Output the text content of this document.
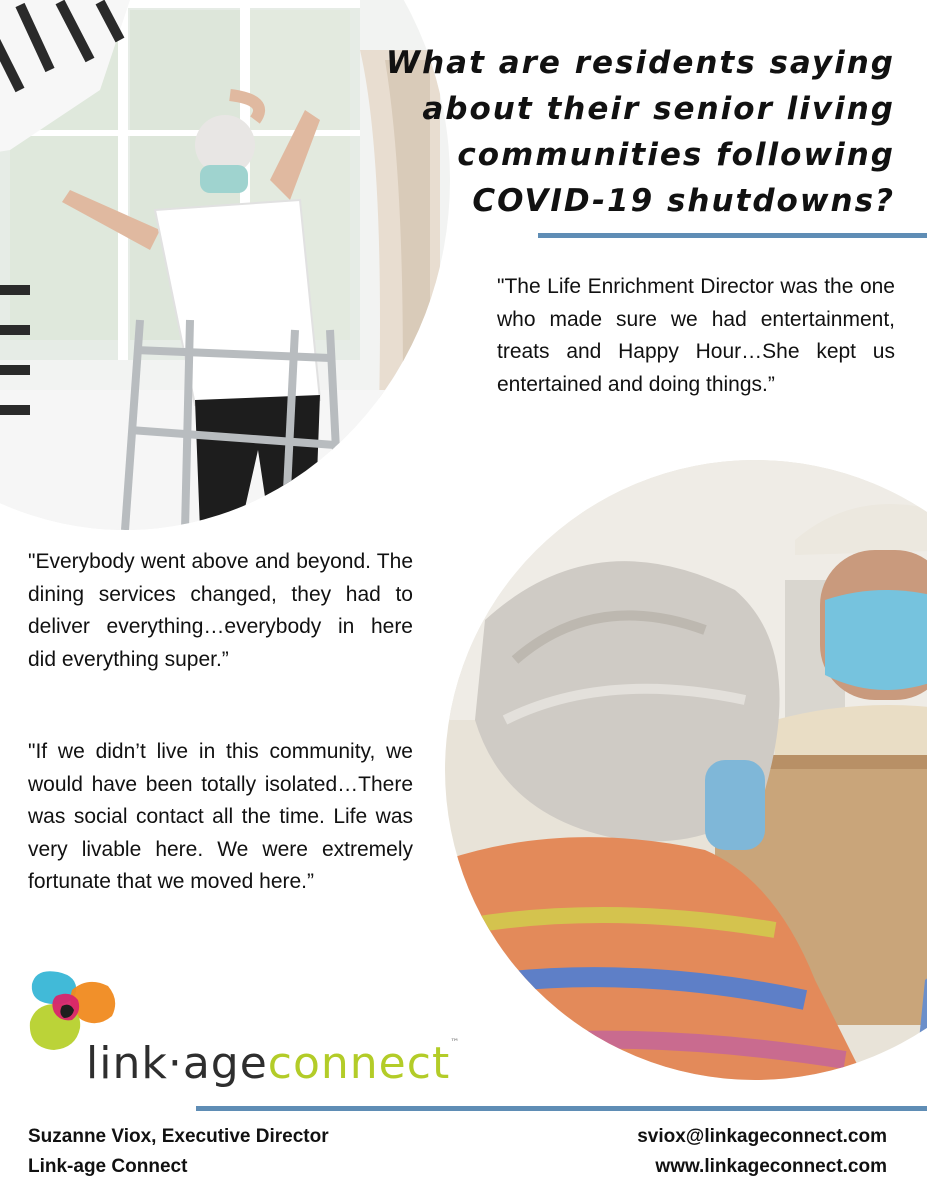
What are residents saying
about their senior living
communities following
COVID-19 shutdowns?

"The Life Enrichment Director was the one who made sure we had entertainment, treats and Happy Hour…She kept us entertained and doing things.”

"Everybody went above and beyond. The dining services changed, they had to deliver everything…everybody in here did everything super.”

"If we didn’t live in this community, we would have been totally isolated…There was social contact all the time. Life was very livable here. We were extremely fortunate that we moved here.”

link·ageconnect™
Suzanne Viox, Executive Director
Link-age Connect
sviox@linkageconnect.com
www.linkageconnect.com
